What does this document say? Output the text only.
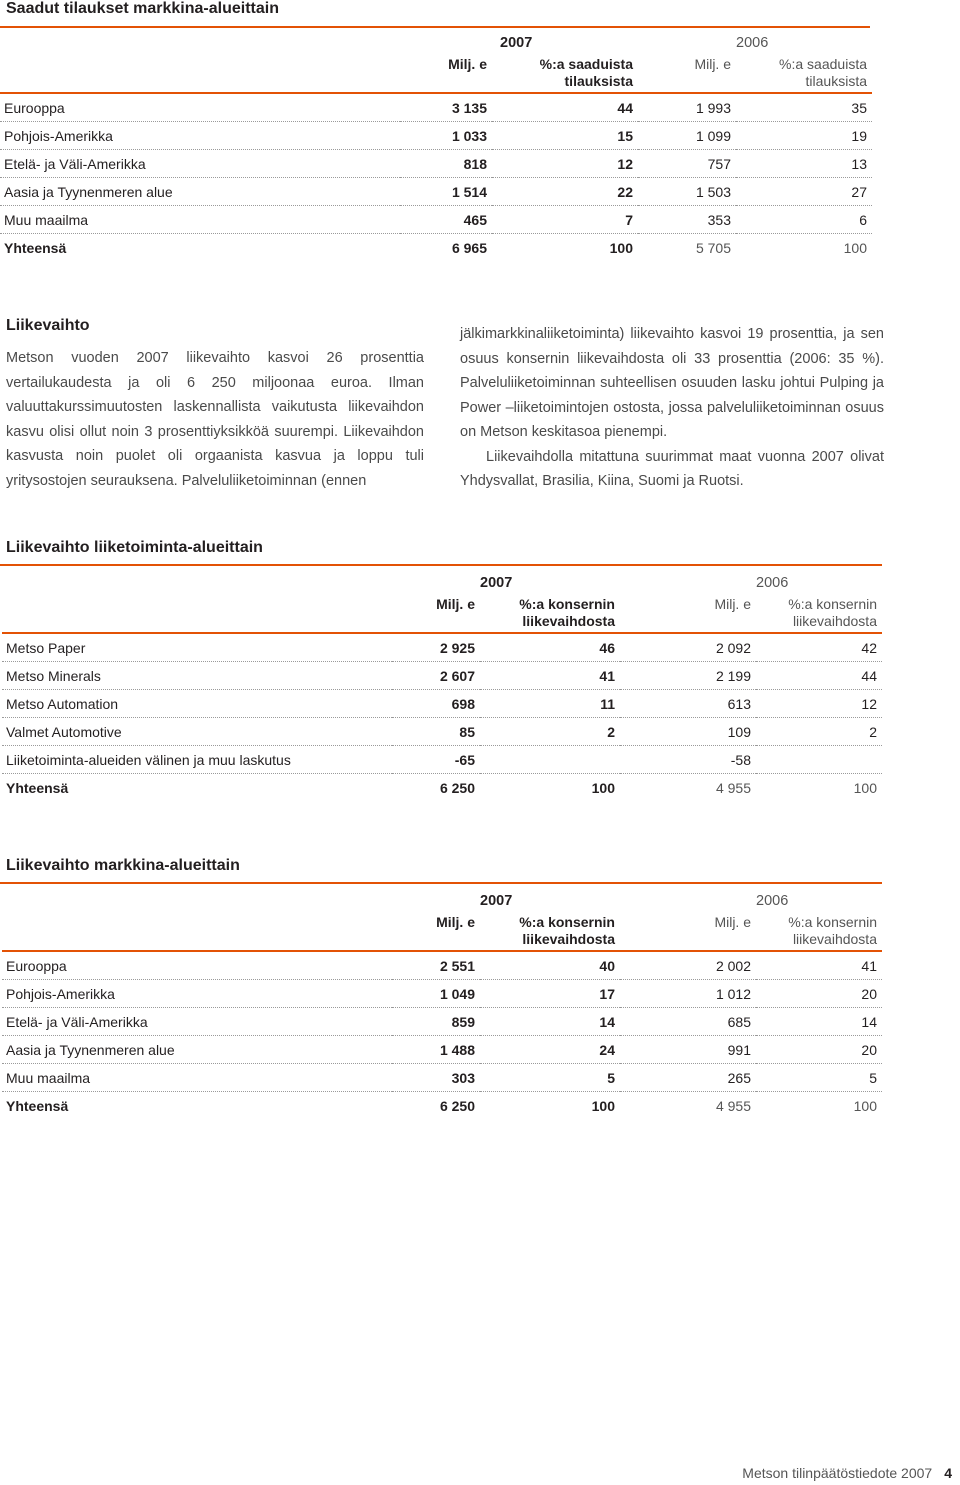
Saadut tilaukset markkina-alueittain
		2007		2006
	Milj. e	%:a saaduista tilauksista	Milj. e	%:a saaduista tilauksista
Eurooppa	3 135	44	1 993	35
Pohjois-Amerikka	1 033	15	1 099	19
Etelä- ja Väli-Amerikka	818	12	757	13
Aasia ja Tyynenmeren alue	1 514	22	1 503	27
Muu maailma	465	7	353	6
Yhteensä	6 965	100	5 705	100
Liikevaihto

Metson vuoden 2007 liikevaihto kasvoi 26 prosenttia vertailukaudesta ja oli 6 250 miljoonaa euroa. Ilman valuuttakurssimuutosten laskennallista vaikutusta liikevaihdon kasvu olisi ollut noin 3 prosenttiyksikköä suurempi. Liikevaihdon kasvusta noin puolet oli orgaanista kasvua ja loppu tuli yritysostojen seurauksena. Palveluliiketoiminnan (ennen

jälkimarkkinaliiketoiminta) liikevaihto kasvoi 19 prosenttia, ja sen osuus konsernin liikevaihdosta oli 33 prosenttia (2006: 35 %). Palveluliiketoiminnan suhteellisen osuuden lasku johtui Pulping ja Power –liiketoimintojen ostosta, jossa palveluliiketoiminnan osuus on Metson keskitasoa pienempi.

Liikevaihdolla mitattuna suurimmat maat vuonna 2007 olivat Yhdysvallat, Brasilia, Kiina, Suomi ja Ruotsi.

Liikevaihto liiketoiminta-alueittain
		2007		2006
	Milj. e	%:a konsernin liikevaihdosta	Milj. e	%:a konsernin liikevaihdosta
Metso Paper	2 925	46	2 092	42
Metso Minerals	2 607	41	2 199	44
Metso Automation	698	11	613	12
Valmet Automotive	85	2	109	2
Liiketoiminta-alueiden välinen ja muu laskutus	-65		-58	
Yhteensä	6 250	100	4 955	100
Liikevaihto markkina-alueittain
		2007		2006
	Milj. e	%:a konsernin liikevaihdosta	Milj. e	%:a konsernin liikevaihdosta
Eurooppa	2 551	40	2 002	41
Pohjois-Amerikka	1 049	17	1 012	20
Etelä- ja Väli-Amerikka	859	14	685	14
Aasia ja Tyynenmeren alue	1 488	24	991	20
Muu maailma	303	5	265	5
Yhteensä	6 250	100	4 955	100
Metson tilinpäätöstiedote 2007 4
